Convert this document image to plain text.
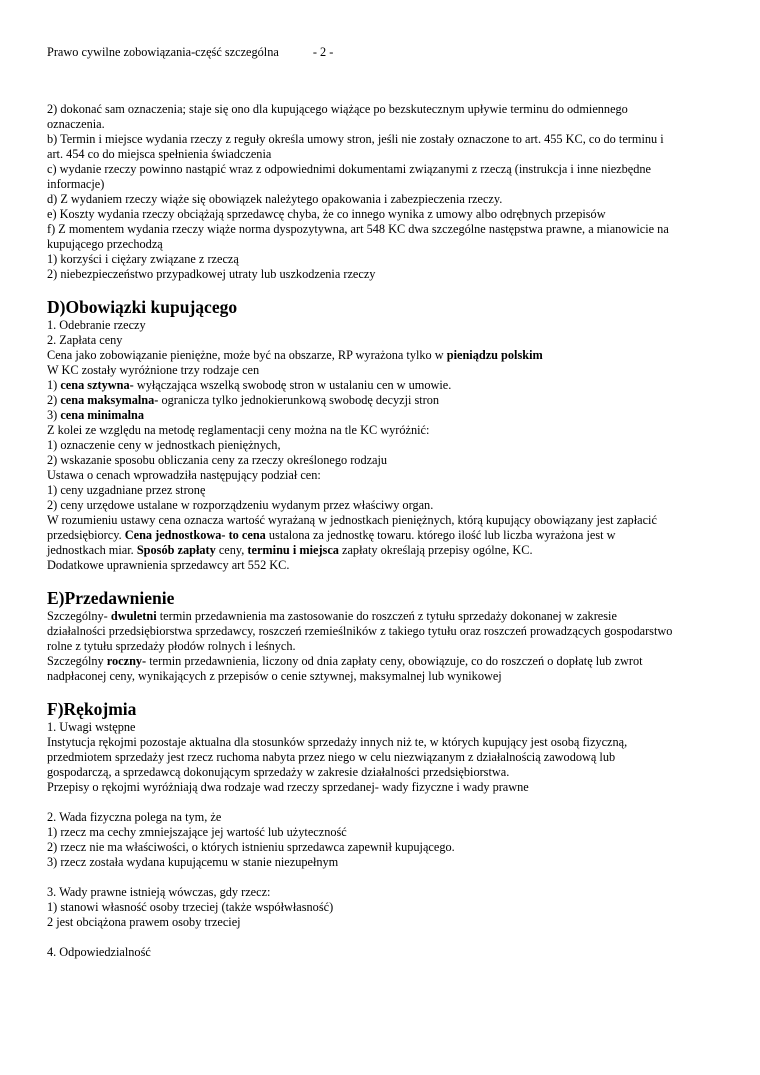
Prawo cywilne zobowiązania-część szczególna	- 2 -

2) dokonać sam oznaczenia; staje się ono dla kupującego wiążące po bezskutecznym upływie terminu do odmiennego

oznaczenia.

b) Termin i miejsce wydania rzeczy z reguły określa umowy stron, jeśli nie zostały oznaczone to art. 455 KC, co do terminu i

art. 454 co do miejsca spełnienia świadczenia

c) wydanie rzeczy powinno nastąpić wraz z odpowiednimi dokumentami związanymi z rzeczą (instrukcja i inne niezbędne

informacje)

d) Z wydaniem rzeczy wiąże się obowiązek należytego opakowania i zabezpieczenia rzeczy.

e) Koszty wydania rzeczy obciążają sprzedawcę chyba, że co innego wynika z umowy albo odrębnych przepisów

f) Z momentem wydania rzeczy wiąże norma dyspozytywna, art 548 KC dwa szczególne następstwa prawne, a mianowicie na

kupującego przechodzą

1) korzyści i ciężary związane z rzeczą

2) niebezpieczeństwo przypadkowej utraty lub uszkodzenia rzeczy

D)Obowiązki kupującego

1. Odebranie rzeczy

2. Zapłata ceny

Cena jako zobowiązanie pieniężne, może być na obszarze, RP wyrażona tylko w pieniądzu polskim

W KC zostały wyróżnione trzy rodzaje cen

1) cena sztywna- wyłączająca wszelką swobodę stron w ustalaniu cen w umowie.

2) cena maksymalna- ogranicza tylko jednokierunkową swobodę decyzji stron

3) cena minimalna

Z kolei ze względu na metodę reglamentacji ceny można na tle KC wyróżnić:

1) oznaczenie ceny w jednostkach pieniężnych,

2) wskazanie sposobu obliczania ceny za rzeczy określonego rodzaju

Ustawa o cenach wprowadziła następujący podział cen:

1) ceny uzgadniane przez stronę

2) ceny urzędowe ustalane w rozporządzeniu wydanym przez właściwy organ.

W rozumieniu ustawy cena oznacza wartość wyrażaną w jednostkach pieniężnych, którą kupujący obowiązany jest zapłacić

przedsiębiorcy. Cena jednostkowa- to cena ustalona za jednostkę towaru. którego ilość lub liczba wyrażona jest w

jednostkach miar. Sposób zapłaty ceny, terminu i miejsca zapłaty określają przepisy ogólne, KC.

Dodatkowe uprawnienia sprzedawcy art 552 KC.

E)Przedawnienie

Szczególny- dwuletni termin przedawnienia ma zastosowanie do roszczeń z tytułu sprzedaży dokonanej w zakresie

działalności przedsiębiorstwa sprzedawcy, roszczeń rzemieślników z takiego tytułu oraz roszczeń prowadzących gospodarstwo

rolne z tytułu sprzedaży płodów rolnych i leśnych.

Szczególny roczny- termin przedawnienia, liczony od dnia zapłaty ceny, obowiązuje, co do roszczeń o dopłatę lub zwrot

nadpłaconej ceny, wynikających z przepisów o cenie sztywnej, maksymalnej lub wynikowej

F)Rękojmia

1. Uwagi wstępne

Instytucja rękojmi pozostaje aktualna dla stosunków sprzedaży innych niż te, w których kupujący jest osobą fizyczną,

przedmiotem sprzedaży jest rzecz ruchoma nabyta przez niego w celu niezwiązanym z działalnością zawodową lub

gospodarczą, a sprzedawcą dokonującym sprzedaży w zakresie działalności przedsiębiorstwa.

Przepisy o rękojmi wyróżniają dwa rodzaje wad rzeczy sprzedanej- wady fizyczne i wady prawne

2. Wada fizyczna polega na tym, że

1) rzecz ma cechy zmniejszające jej wartość lub użyteczność

2) rzecz nie ma właściwości, o których istnieniu sprzedawca zapewnił kupującego.

3) rzecz została wydana kupującemu w stanie niezupełnym

3. Wady prawne istnieją wówczas, gdy rzecz:

1) stanowi własność osoby trzeciej (także współwłasność)

2 jest obciążona prawem osoby trzeciej

4. Odpowiedzialność
